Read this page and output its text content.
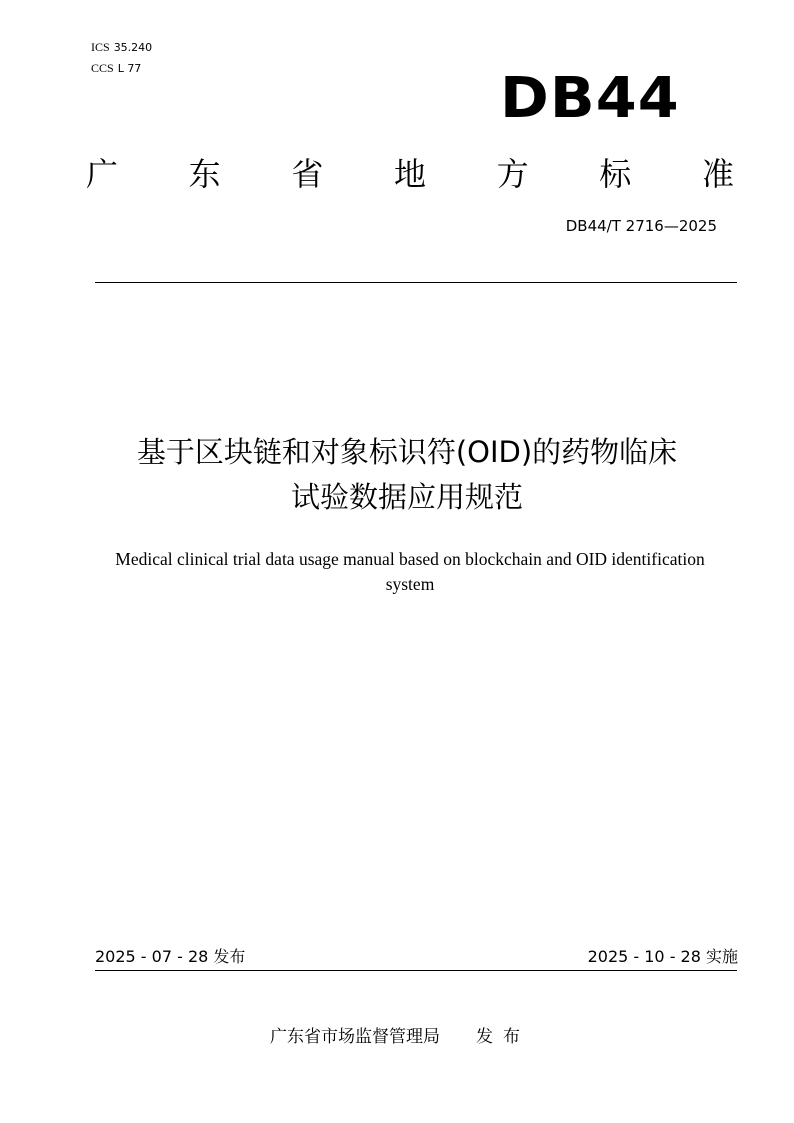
ICS 35.240
CCS L 77	DB44
广 东 省 地 方 标 准
DB44/T 2716—2025
基于区块链和对象标识符(OID)的药物临床
试验数据应用规范
Medical clinical trial data usage manual based on blockchain and OID identification
system
2025 - 07 - 28 发布	2025 - 10 - 28 实施
广东省市场监督管理局 发布
